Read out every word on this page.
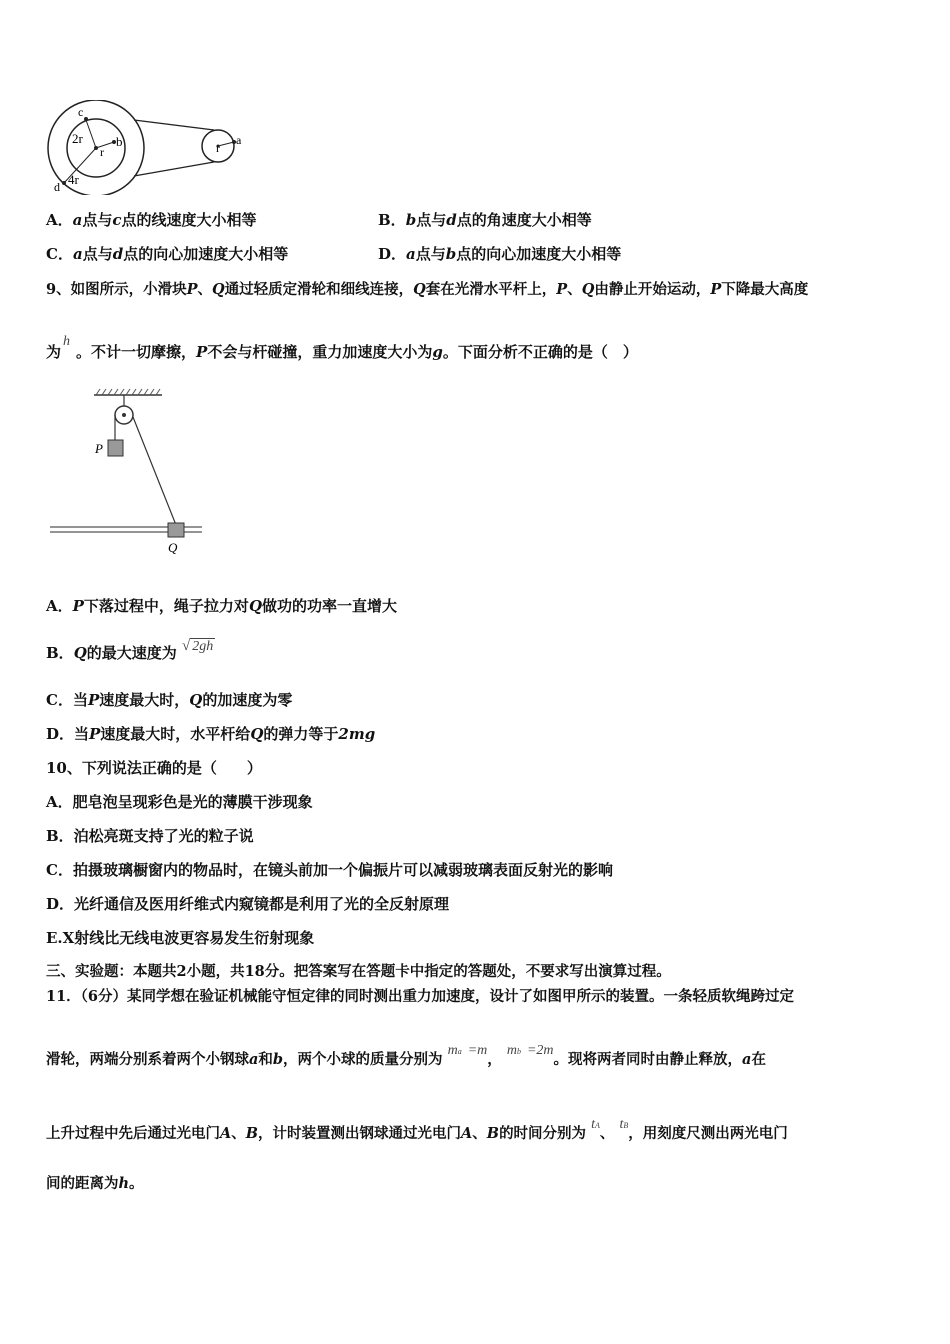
c
2r	b
r
d 4r
r
a
A．a点与c点的线速度大小相等	B．b点与d点的角速度大小相等
C．a点与d点的向心加速度大小相等	D．a点与b点的向心加速度大小相等
9、如图所示，小滑块P、Q通过轻质定滑轮和细线连接，Q套在光滑水平杆上，P、Q由静止开始运动，P下降最大高度
为h。不计一切摩擦，P不会与杆碰撞，重力加速度大小为g。下面分析不正确的是（　）
P
Q
A．P下落过程中，绳子拉力对Q做功的功率一直增大
B．Q的最大速度为 √ 2gh
C．当P速度最大时，Q的加速度为零
D．当P速度最大时，水平杆给Q的弹力等于2mg
10、下列说法正确的是（　　）
A．肥皂泡呈现彩色是光的薄膜干涉现象
B．泊松亮斑支持了光的粒子说
C．拍摄玻璃橱窗内的物品时，在镜头前加一个偏振片可以减弱玻璃表面反射光的影响
D．光纤通信及医用纤维式内窥镜都是利用了光的全反射原理
E.X射线比无线电波更容易发生衍射现象
三、实验题：本题共2小题，共18分。把答案写在答题卡中指定的答题处，不要求写出演算过程。
11．（6分）某同学想在验证机械能守恒定律的同时测出重力加速度，设计了如图甲所示的装置。一条轻质软绳跨过定
滑轮，两端分别系着两个小钢球a和b，两个小球的质量分别为 ma =m， mb =2m。现将两者同时由静止释放，a在
上升过程中先后通过光电门A、B，计时装置测出钢球通过光电门A、B的时间分别为 tA、 tB，用刻度尺测出两光电门
间的距离为h。
